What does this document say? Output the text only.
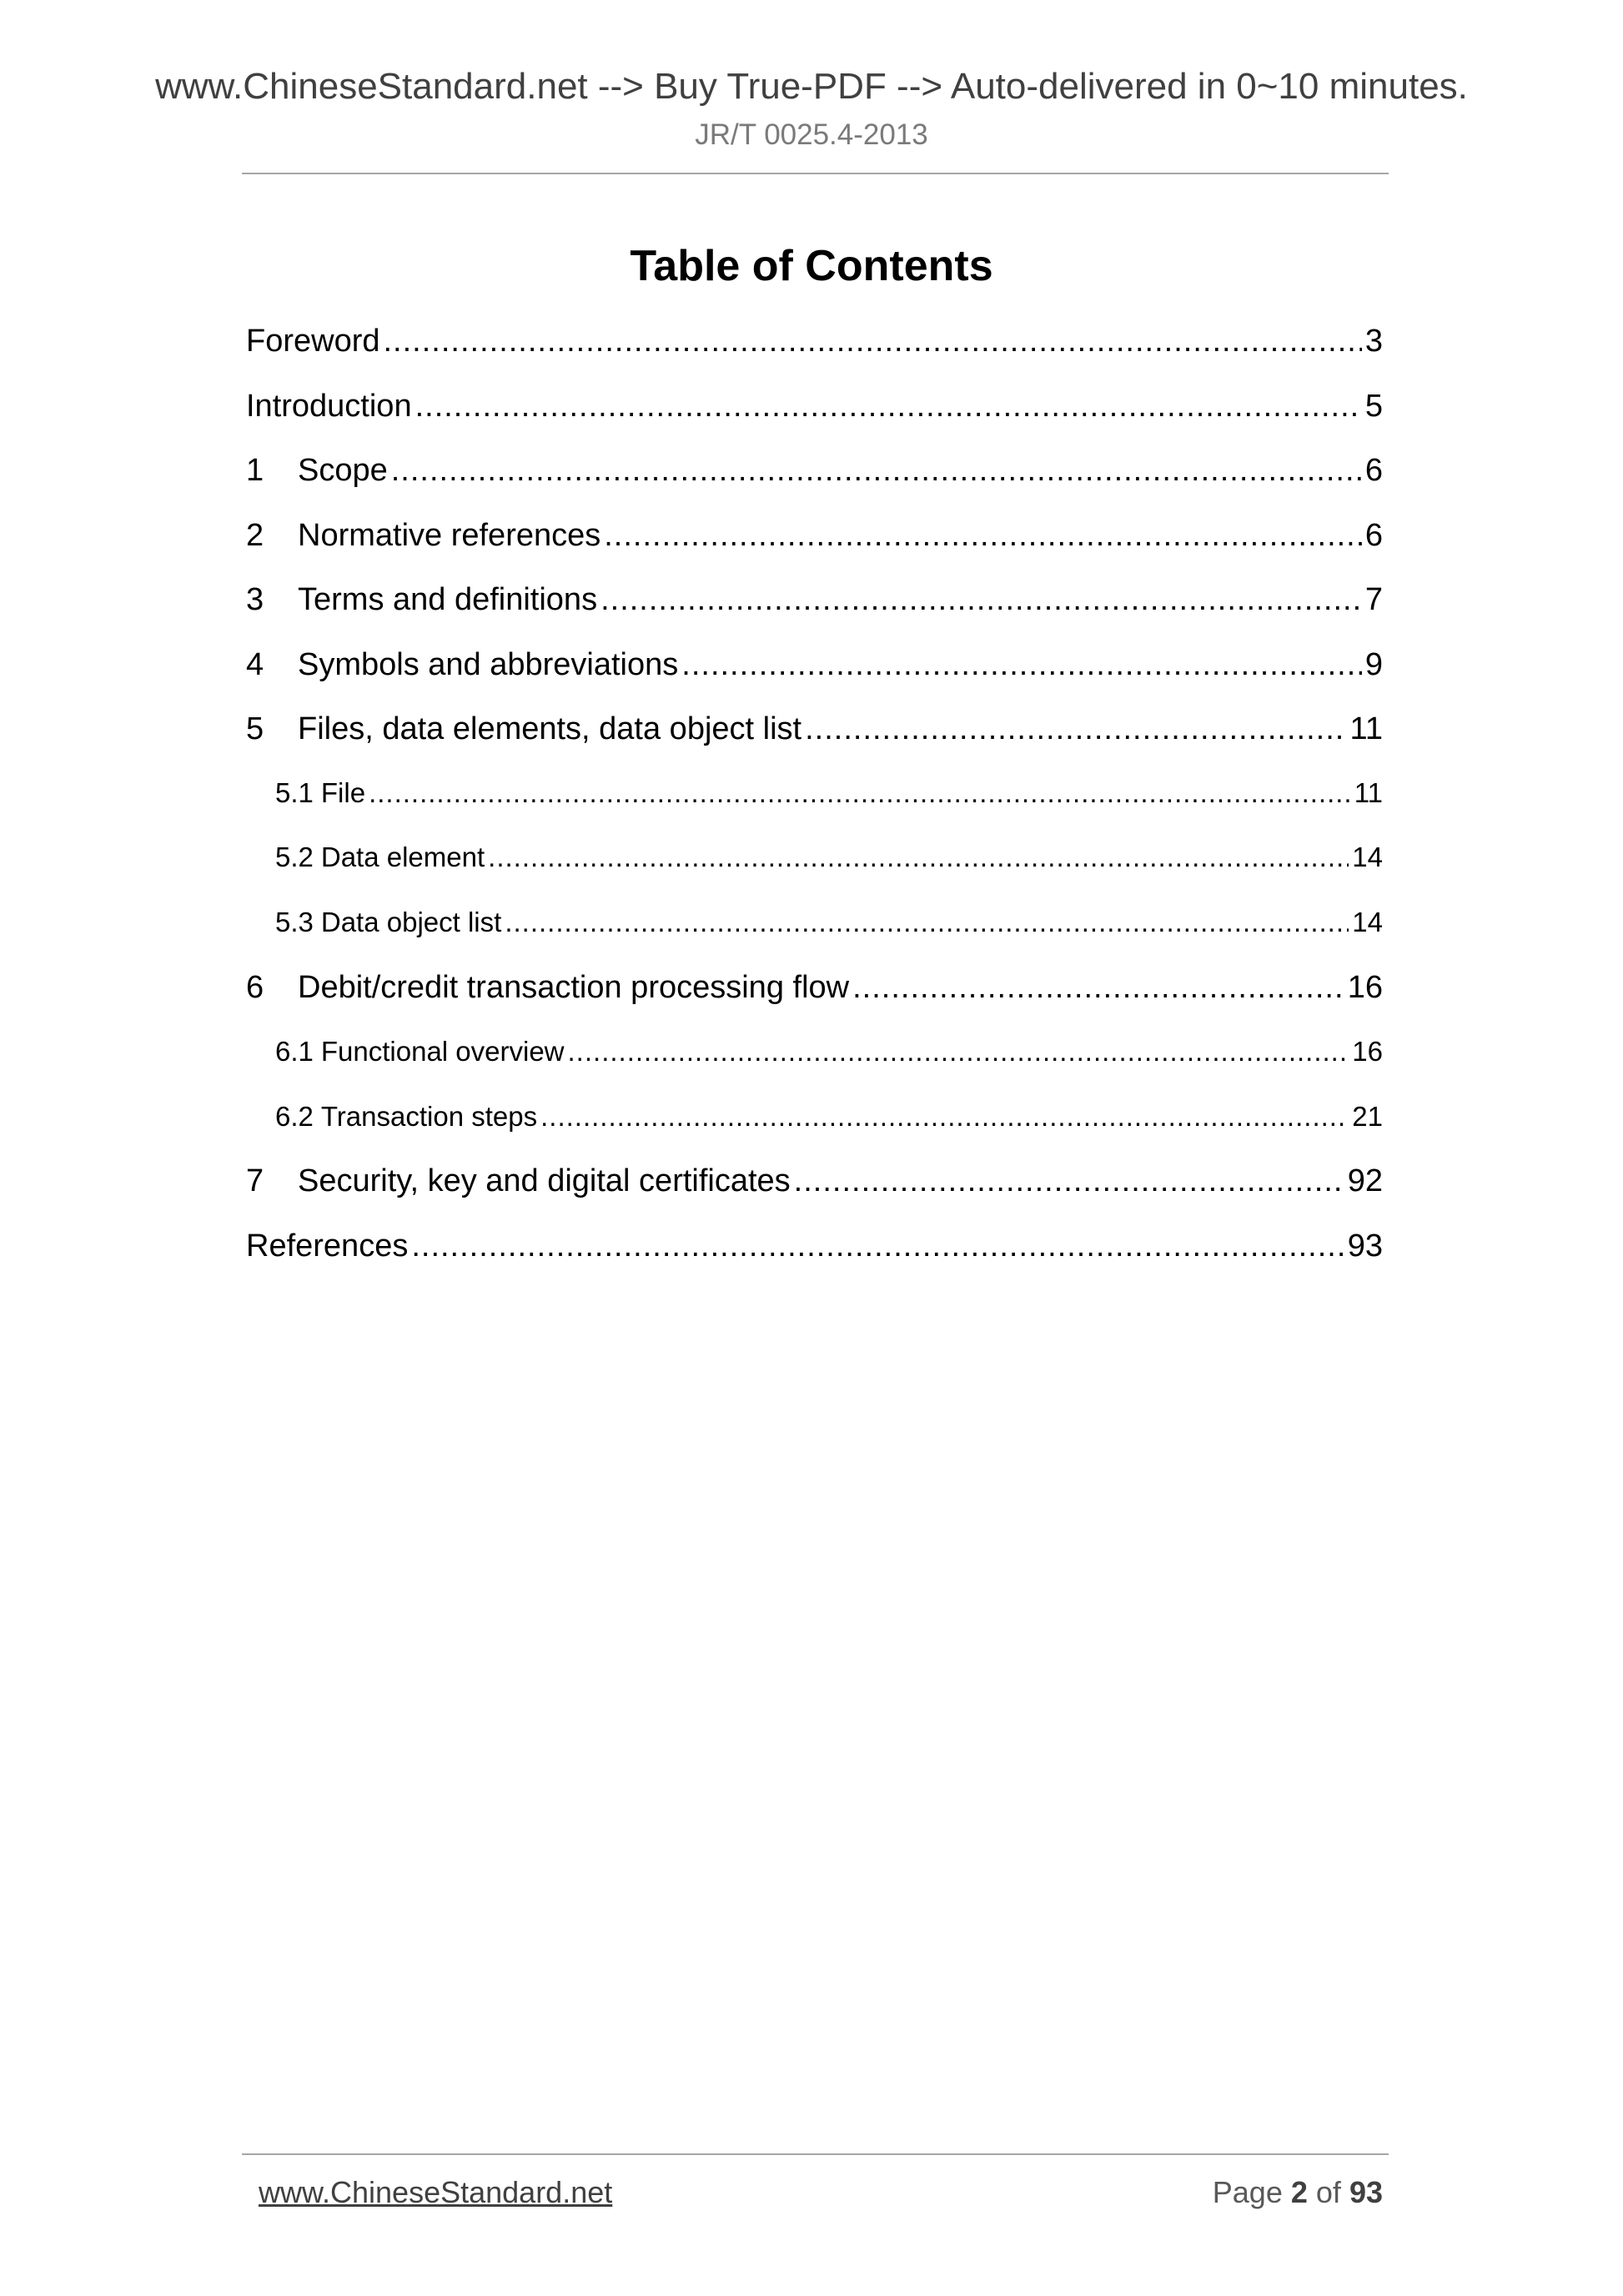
www.ChineseStandard.net --> Buy True-PDF --> Auto-delivered in 0~10 minutes.
JR/T 0025.4-2013
Table of Contents
Foreword .....	3
Introduction .....	5
1	Scope .....	6
2	Normative references .....	6
3	Terms and definitions .....	7
4	Symbols and abbreviations .....	9
5	Files, data elements, data object list .....	11
5.1 File .....	11
5.2 Data element .....	14
5.3 Data object list .....	14
6	Debit/credit transaction processing flow .....	16
6.1 Functional overview .....	16
6.2 Transaction steps .....	21
7	Security, key and digital certificates .....	92
References .....	93
www.ChineseStandard.net	Page 2 of 93
